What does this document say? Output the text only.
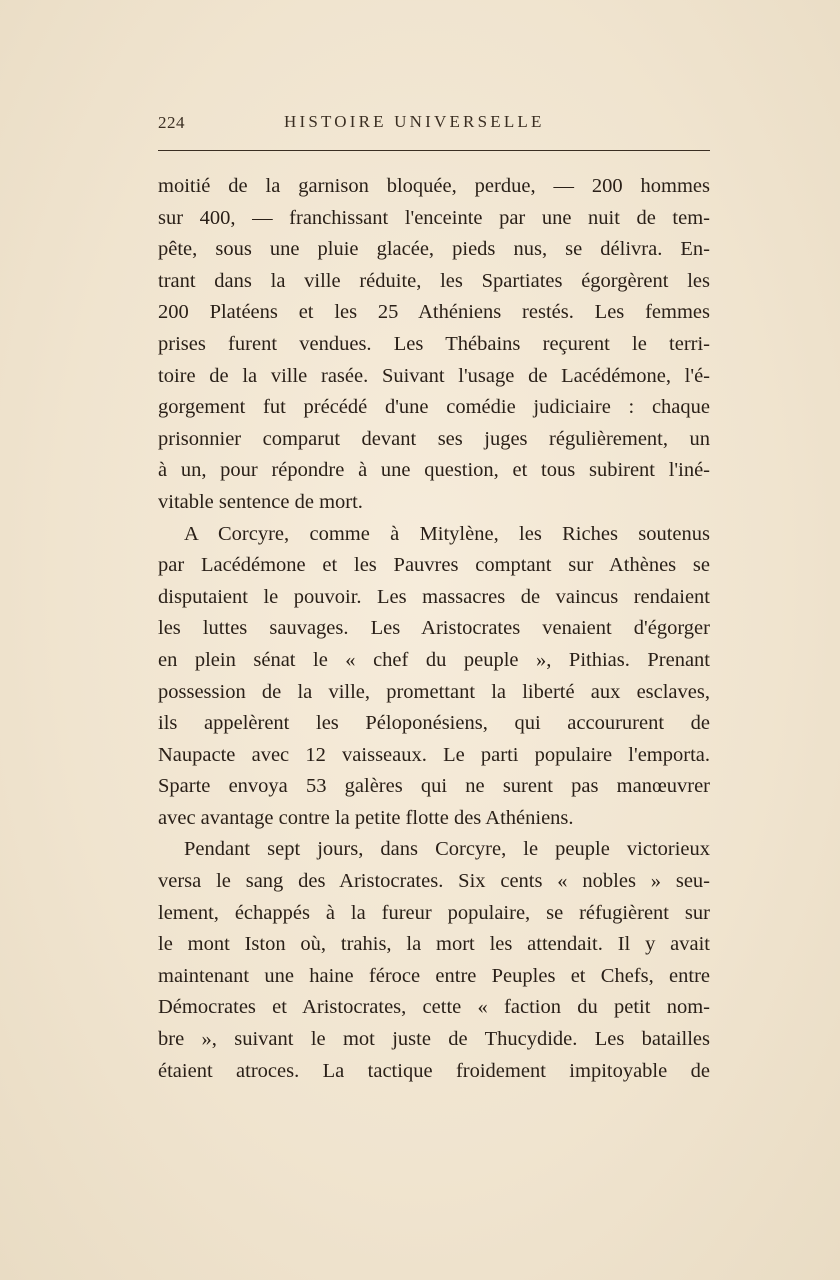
224	HISTOIRE UNIVERSELLE
moitié de la garnison bloquée, perdue, — 200 hommes
sur 400, — franchissant l'enceinte par une nuit de tem-
pête, sous une pluie glacée, pieds nus, se délivra. En-
trant dans la ville réduite, les Spartiates égorgèrent les
200 Platéens et les 25 Athéniens restés. Les femmes
prises furent vendues. Les Thébains reçurent le terri-
toire de la ville rasée. Suivant l'usage de Lacédémone, l'é-
gorgement fut précédé d'une comédie judiciaire : chaque
prisonnier comparut devant ses juges régulièrement, un
à un, pour répondre à une question, et tous subirent l'iné-
vitable sentence de mort.
A Corcyre, comme à Mitylène, les Riches soutenus
par Lacédémone et les Pauvres comptant sur Athènes se
disputaient le pouvoir. Les massacres de vaincus rendaient
les luttes sauvages. Les Aristocrates venaient d'égorger
en plein sénat le « chef du peuple », Pithias. Prenant
possession de la ville, promettant la liberté aux esclaves,
ils appelèrent les Péloponésiens, qui accoururent de
Naupacte avec 12 vaisseaux. Le parti populaire l'emporta.
Sparte envoya 53 galères qui ne surent pas manœuvrer
avec avantage contre la petite flotte des Athéniens.
Pendant sept jours, dans Corcyre, le peuple victorieux
versa le sang des Aristocrates. Six cents « nobles » seu-
lement, échappés à la fureur populaire, se réfugièrent sur
le mont Iston où, trahis, la mort les attendait. Il y avait
maintenant une haine féroce entre Peuples et Chefs, entre
Démocrates et Aristocrates, cette « faction du petit nom-
bre », suivant le mot juste de Thucydide. Les batailles
étaient atroces. La tactique froidement impitoyable de
